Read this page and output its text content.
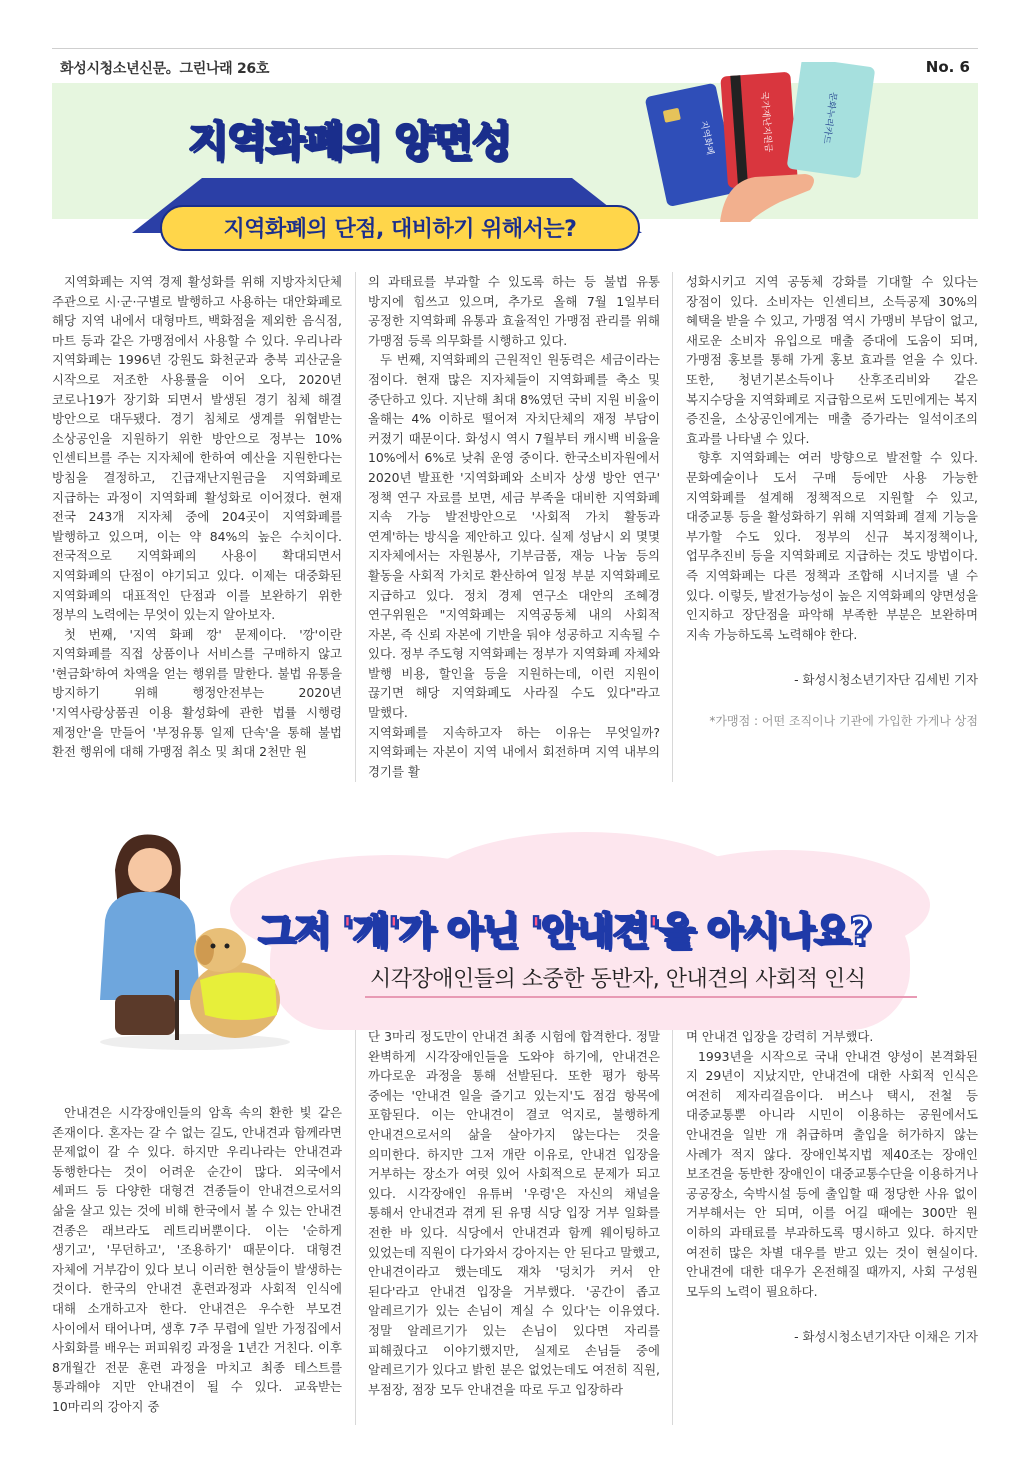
화성시청소년신문。그린나래 26호	No. 6
지역화폐의 양면성
지역화폐의 단점, 대비하기 위해서는?
지역화폐	국가재난지원금	문화누리카드

지역화폐는 지역 경제 활성화를 위해 지방자치단체 주관으로 시·군·구별로 발행하고 사용하는 대안화폐로 해당 지역 내에서 대형마트, 백화점을 제외한 음식점, 마트 등과 같은 가맹점에서 사용할 수 있다. 우리나라 지역화폐는 1996년 강원도 화천군과 충북 괴산군을 시작으로 저조한 사용률을 이어 오다, 2020년 코로나19가 장기화 되면서 발생된 경기 침체 해결 방안으로 대두됐다. 경기 침체로 생계를 위협받는 소상공인을 지원하기 위한 방안으로 정부는 10% 인센티브를 주는 지자체에 한하여 예산을 지원한다는 방침을 결정하고, 긴급재난지원금을 지역화폐로 지급하는 과정이 지역화폐 활성화로 이어졌다. 현재 전국 243개 지자체 중에 204곳이 지역화폐를 발행하고 있으며, 이는 약 84%의 높은 수치이다. 전국적으로 지역화폐의 사용이 확대되면서 지역화폐의 단점이 야기되고 있다. 이제는 대중화된 지역화폐의 대표적인 단점과 이를 보완하기 위한 정부의 노력에는 무엇이 있는지 알아보자.

첫 번째, '지역 화폐 깡' 문제이다. '깡'이란 지역화폐를 직접 상품이나 서비스를 구매하지 않고 '현금화'하여 차액을 얻는 행위를 말한다. 불법 유통을 방지하기 위해 행정안전부는 2020년 '지역사랑상품권 이용 활성화에 관한 법률 시행령 제정안'을 만들어 '부정유통 일제 단속'을 통해 불법 환전 행위에 대해 가맹점 취소 및 최대 2천만 원

의 과태료를 부과할 수 있도록 하는 등 불법 유통 방지에 힘쓰고 있으며, 추가로 올해 7월 1일부터 공정한 지역화폐 유통과 효율적인 가맹점 관리를 위해 가맹점 등록 의무화를 시행하고 있다.

두 번째, 지역화폐의 근원적인 원동력은 세금이라는 점이다. 현재 많은 지자체들이 지역화폐를 축소 및 중단하고 있다. 지난해 최대 8%였던 국비 지원 비율이 올해는 4% 이하로 떨어져 자치단체의 재정 부담이 커졌기 때문이다. 화성시 역시 7월부터 캐시백 비율을 10%에서 6%로 낮춰 운영 중이다. 한국소비자원에서 2020년 발표한 '지역화폐와 소비자 상생 방안 연구' 정책 연구 자료를 보면, 세금 부족을 대비한 지역화폐 지속 가능 발전방안으로 '사회적 가치 활동과 연계'하는 방식을 제안하고 있다. 실제 성남시 외 몇몇 지자체에서는 자원봉사, 기부금품, 재능 나눔 등의 활동을 사회적 가치로 환산하여 일정 부분 지역화폐로 지급하고 있다. 정치 경제 연구소 대안의 조혜경 연구위원은 "지역화폐는 지역공동체 내의 사회적 자본, 즉 신뢰 자본에 기반을 둬야 성공하고 지속될 수 있다. 정부 주도형 지역화폐는 정부가 지역화폐 자체와 발행 비용, 할인율 등을 지원하는데, 이런 지원이 끊기면 해당 지역화폐도 사라질 수도 있다"라고 말했다.

지역화폐를 지속하고자 하는 이유는 무엇일까? 지역화폐는 자본이 지역 내에서 회전하며 지역 내부의 경기를 활

성화시키고 지역 공동체 강화를 기대할 수 있다는 장점이 있다. 소비자는 인센티브, 소득공제 30%의 혜택을 받을 수 있고, 가맹점 역시 가맹비 부담이 없고, 새로운 소비자 유입으로 매출 증대에 도움이 되며, 가맹점 홍보를 통해 가게 홍보 효과를 얻을 수 있다. 또한, 청년기본소득이나 산후조리비와 같은 복지수당을 지역화폐로 지급함으로써 도민에게는 복지 증진을, 소상공인에게는 매출 증가라는 일석이조의 효과를 나타낼 수 있다.

향후 지역화폐는 여러 방향으로 발전할 수 있다. 문화예술이나 도서 구매 등에만 사용 가능한 지역화폐를 설계해 정책적으로 지원할 수 있고, 대중교통 등을 활성화하기 위해 지역화폐 결제 기능을 부가할 수도 있다. 정부의 신규 복지정책이나, 업무추진비 등을 지역화폐로 지급하는 것도 방법이다. 즉 지역화폐는 다른 정책과 조합해 시너지를 낼 수 있다. 이렇듯, 발전가능성이 높은 지역화폐의 양면성을 인지하고 장단점을 파악해 부족한 부분은 보완하며 지속 가능하도록 노력해야 한다.

- 화성시청소년기자단 김세빈 기자

*가맹점 : 어떤 조직이나 기관에 가입한 가게나 상점

그저 '개'가 아닌 '안내견'을 아시나요?
시각장애인들의 소중한 동반자, 안내견의 사회적 인식

안내견은 시각장애인들의 암흑 속의 환한 빛 같은 존재이다. 혼자는 갈 수 없는 길도, 안내견과 함께라면 문제없이 갈 수 있다. 하지만 우리나라는 안내견과 동행한다는 것이 어려운 순간이 많다. 외국에서 셰퍼드 등 다양한 대형견 견종들이 안내견으로서의 삶을 살고 있는 것에 비해 한국에서 볼 수 있는 안내견 견종은 래브라도 레트리버뿐이다. 이는 '순하게 생기고', '무던하고', '조용하기' 때문이다. 대형견 자체에 거부감이 있다 보니 이러한 현상들이 발생하는 것이다. 한국의 안내견 훈련과정과 사회적 인식에 대해 소개하고자 한다. 안내견은 우수한 부모견 사이에서 태어나며, 생후 7주 무렵에 일반 가정집에서 사회화를 배우는 퍼피워킹 과정을 1년간 거친다. 이후 8개월간 전문 훈련 과정을 마치고 최종 테스트를 통과해야 지만 안내견이 될 수 있다. 교육받는 10마리의 강아지 중

단 3마리 정도만이 안내견 최종 시험에 합격한다. 정말 완벽하게 시각장애인들을 도와야 하기에, 안내견은 까다로운 과정을 통해 선발된다. 또한 평가 항목 중에는 '안내견 일을 즐기고 있는지'도 점검 항목에 포함된다. 이는 안내견이 결코 억지로, 불행하게 안내견으로서의 삶을 살아가지 않는다는 것을 의미한다. 하지만 그저 개란 이유로, 안내견 입장을 거부하는 장소가 여럿 있어 사회적으로 문제가 되고 있다. 시각장애인 유튜버 '우령'은 자신의 채널을 통해서 안내견과 겪게 된 유명 식당 입장 거부 일화를 전한 바 있다. 식당에서 안내견과 함께 웨이팅하고 있었는데 직원이 다가와서 강아지는 안 된다고 말했고, 안내견이라고 했는데도 재차 '덩치가 커서 안 된다'라고 안내견 입장을 거부했다. '공간이 좁고 알레르기가 있는 손님이 계실 수 있다'는 이유였다. 정말 알레르기가 있는 손님이 있다면 자리를 피해줬다고 이야기했지만, 실제로 손님들 중에 알레르기가 있다고 밝힌 분은 없었는데도 여전히 직원, 부점장, 점장 모두 안내견을 따로 두고 입장하라

며 안내견 입장을 강력히 거부했다.

1993년을 시작으로 국내 안내견 양성이 본격화된 지 29년이 지났지만, 안내견에 대한 사회적 인식은 여전히 제자리걸음이다. 버스나 택시, 전철 등 대중교통뿐 아니라 시민이 이용하는 공원에서도 안내견을 일반 개 취급하며 출입을 허가하지 않는 사례가 적지 않다. 장애인복지법 제40조는 장애인 보조견을 동반한 장애인이 대중교통수단을 이용하거나 공공장소, 숙박시설 등에 출입할 때 정당한 사유 없이 거부해서는 안 되며, 이를 어길 때에는 300만 원 이하의 과태료를 부과하도록 명시하고 있다. 하지만 여전히 많은 차별 대우를 받고 있는 것이 현실이다. 안내견에 대한 대우가 온전해질 때까지, 사회 구성원 모두의 노력이 필요하다.

- 화성시청소년기자단 이채은 기자
